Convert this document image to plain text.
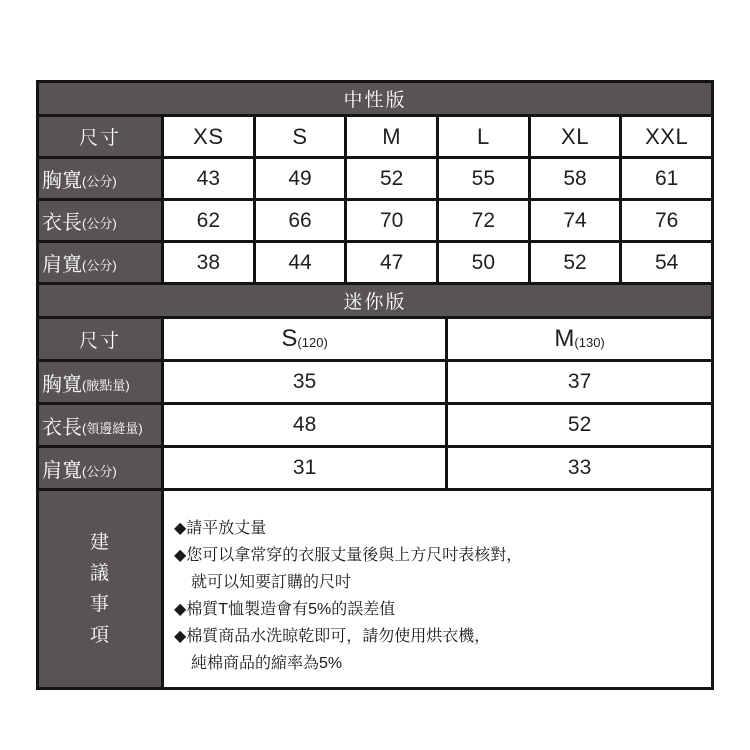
中性版
尺寸	XS	S	M	L	XL	XXL
胸寬 (公分)	43	49	52	55	58	61
衣長 (公分)	62	66	70	72	74	76
肩寬 (公分)	38	44	47	50	52	54
迷你版
尺寸	S (120)	M (130)
胸寬 (腋點量)	35	37
衣長 (領邊縫量)	48	52
肩寬 (公分)	31	33
建
議
事
項
◆請平放丈量
◆您可以拿常穿的衣服丈量後與上方尺吋表核對，
就可以知要訂購的尺吋
◆棉質T恤製造會有5%的誤差值
◆棉質商品水洗晾乾即可，請勿使用烘衣機，
純棉商品的縮率為5%
